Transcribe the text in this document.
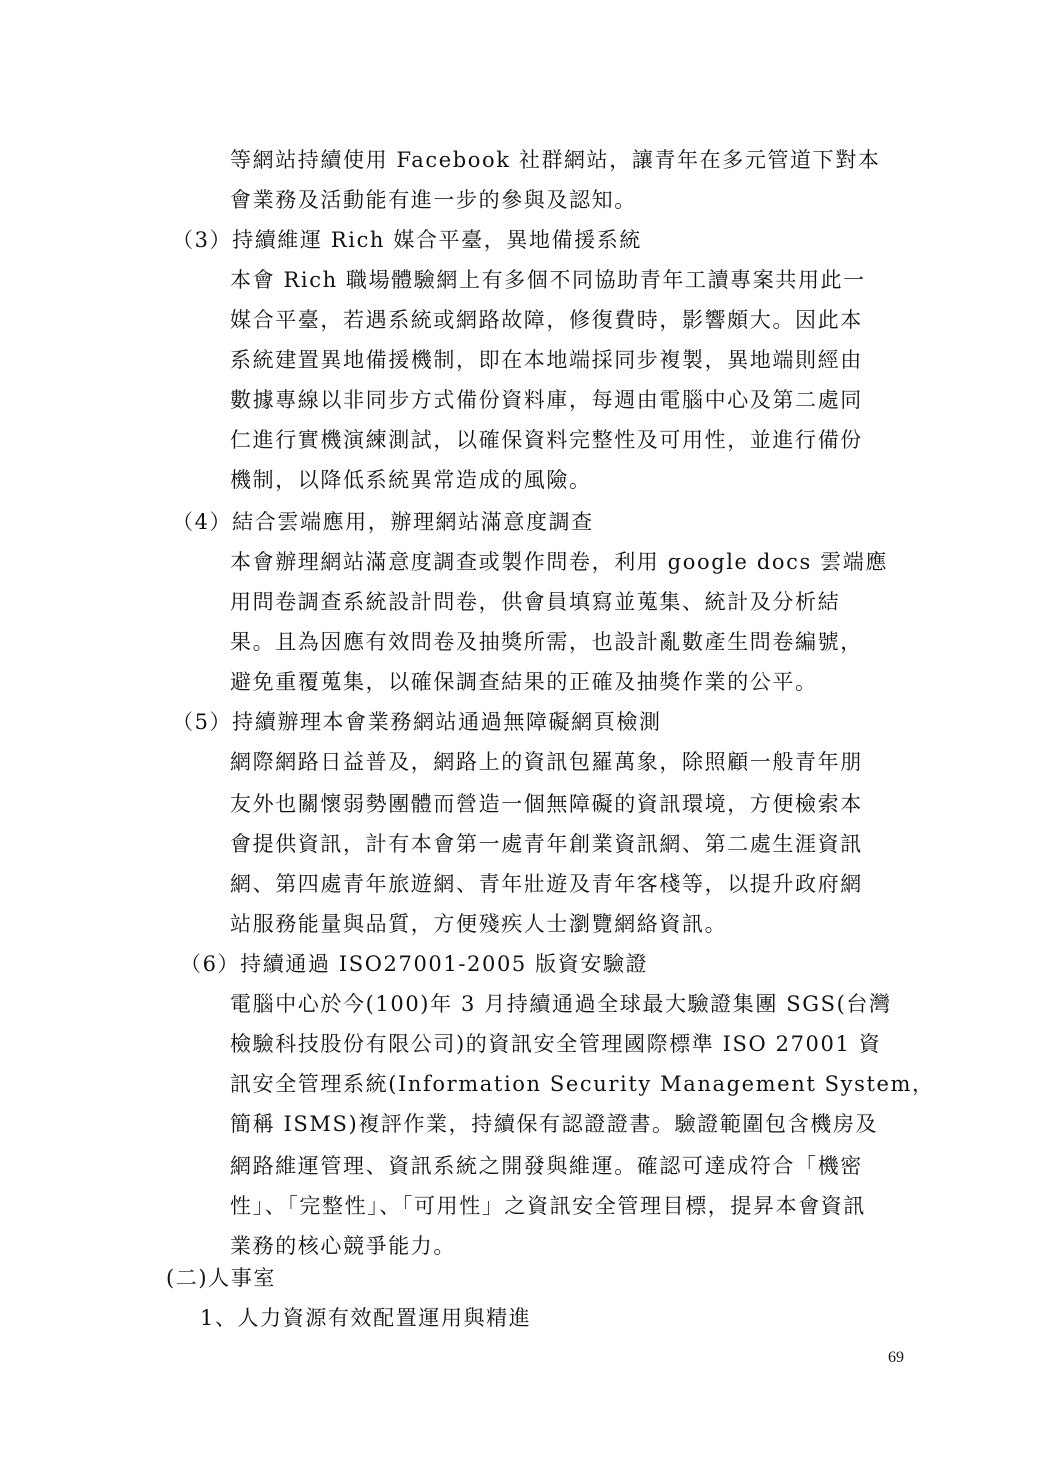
等網站持續使用 Facebook 社群網站，讓青年在多元管道下對本
會業務及活動能有進一步的參與及認知。
（3）持續維運 Rich 媒合平臺，異地備援系統
本會 Rich 職場體驗網上有多個不同協助青年工讀專案共用此一
媒合平臺，若遇系統或網路故障，修復費時，影響頗大。因此本
系統建置異地備援機制，即在本地端採同步複製，異地端則經由
數據專線以非同步方式備份資料庫，每週由電腦中心及第二處同
仁進行實機演練測試，以確保資料完整性及可用性，並進行備份
機制，以降低系統異常造成的風險。
（4）結合雲端應用，辦理網站滿意度調查
本會辦理網站滿意度調查或製作問卷，利用 google docs 雲端應
用問卷調查系統設計問卷，供會員填寫並蒐集、統計及分析結
果。且為因應有效問卷及抽獎所需，也設計亂數產生問卷編號，
避免重覆蒐集，以確保調查結果的正確及抽獎作業的公平。
（5）持續辦理本會業務網站通過無障礙網頁檢測
網際網路日益普及，網路上的資訊包羅萬象，除照顧一般青年朋
友外也關懷弱勢團體而營造一個無障礙的資訊環境，方便檢索本
會提供資訊，計有本會第一處青年創業資訊網、第二處生涯資訊
網、第四處青年旅遊網、青年壯遊及青年客棧等，以提升政府網
站服務能量與品質，方便殘疾人士瀏覽網絡資訊。
（6）持續通過 ISO27001-2005 版資安驗證
電腦中心於今(100)年 3 月持續通過全球最大驗證集團 SGS(台灣
檢驗科技股份有限公司)的資訊安全管理國際標準 ISO 27001 資
訊安全管理系統(Information Security Management System，
簡稱 ISMS)複評作業，持續保有認證證書。驗證範圍包含機房及
網路維運管理、資訊系統之開發與維運。確認可達成符合「機密
性」、「完整性」、「可用性」之資訊安全管理目標，提昇本會資訊
業務的核心競爭能力。
(二)人事室
1、人力資源有效配置運用與精進
69
